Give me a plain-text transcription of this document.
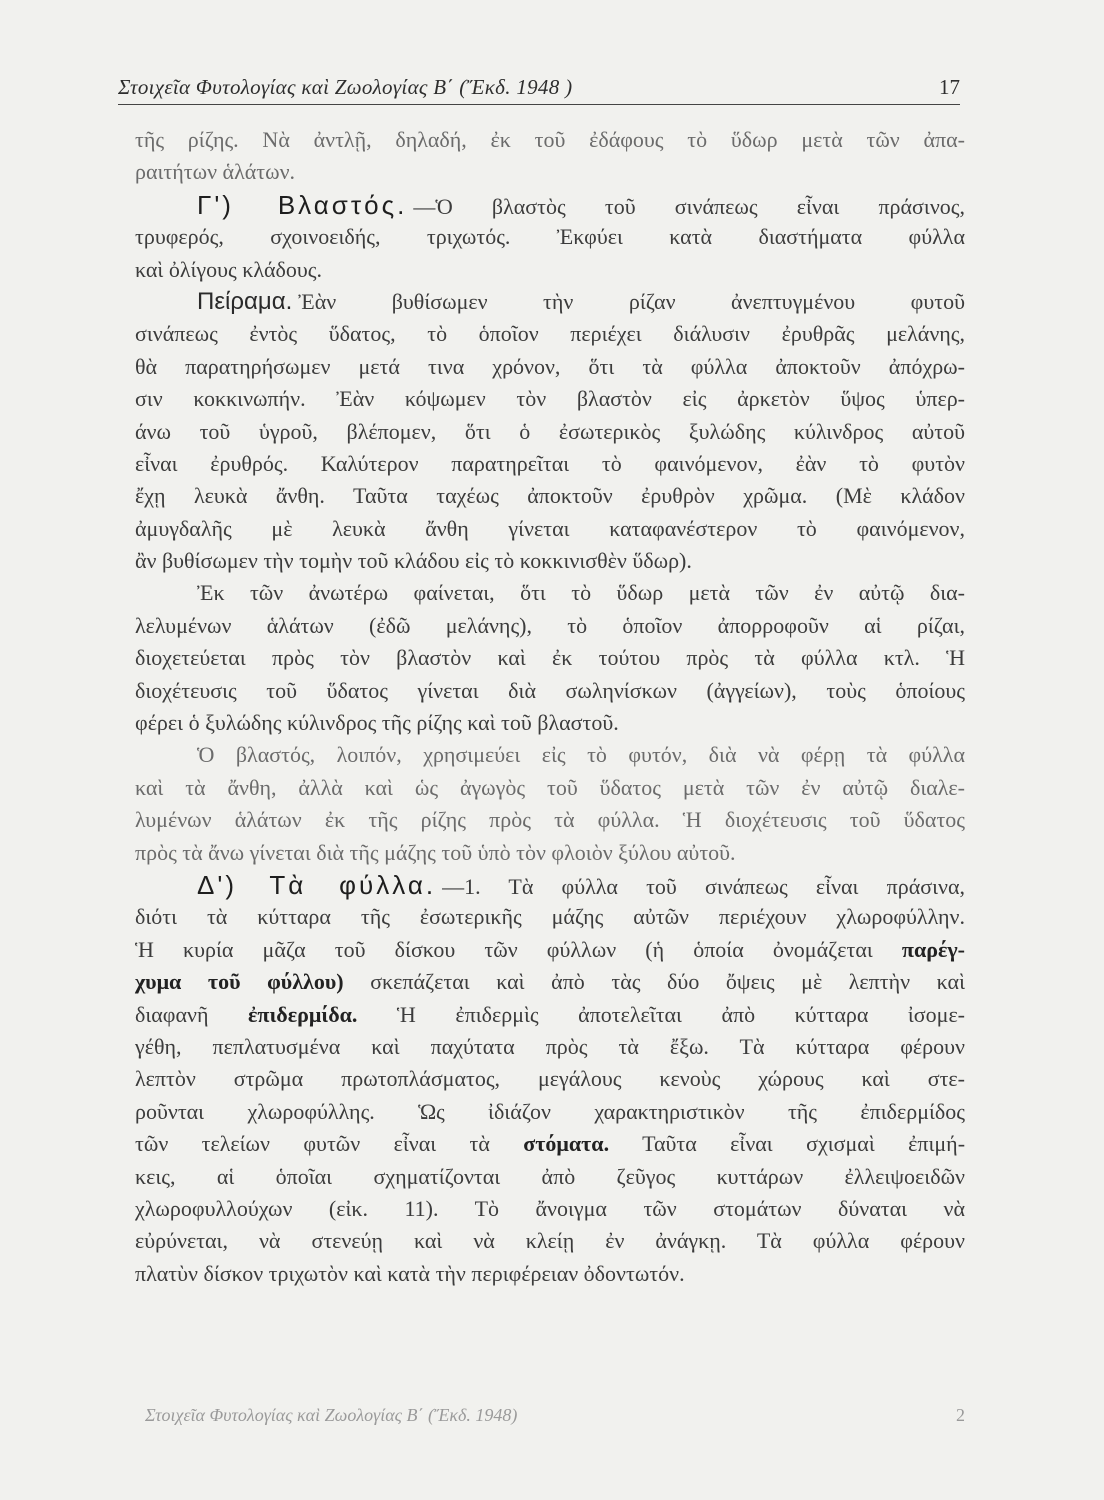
Στοιχεῖα Φυτολογίας καὶ Ζωολογίας Β΄ (Ἔκδ. 1948 )	17
τῆς ρίζης. Νὰ ἀντλῇ, δηλαδή, ἐκ τοῦ ἐδάφους τὸ ὕδωρ μετὰ τῶν ἀπα-
ραιτήτων ἁλάτων.
Γ') Βλαστός. —Ὁ βλαστὸς τοῦ σινάπεως εἶναι πράσινος,
τρυφερός, σχοινοειδής, τριχωτός. Ἐκφύει κατὰ διαστήματα φύλλα
καὶ ὀλίγους κλάδους.
Πείραμα. Ἐὰν βυθίσωμεν τὴν ρίζαν ἀνεπτυγμένου φυτοῦ
σινάπεως ἐντὸς ὕδατος, τὸ ὁποῖον περιέχει διάλυσιν ἐρυθρᾶς μελάνης,
θὰ παρατηρήσωμεν μετά τινα χρόνον, ὅτι τὰ φύλλα ἀποκτοῦν ἀπόχρω-
σιν κοκκινωπήν. Ἐὰν κόψωμεν τὸν βλαστὸν εἰς ἀρκετὸν ὕψος ὑπερ-
άνω τοῦ ὑγροῦ, βλέπομεν, ὅτι ὁ ἐσωτερικὸς ξυλώδης κύλινδρος αὐτοῦ
εἶναι ἐρυθρός. Καλύτερον παρατηρεῖται τὸ φαινόμενον, ἐὰν τὸ φυτὸν
ἔχῃ λευκὰ ἄνθη. Ταῦτα ταχέως ἀποκτοῦν ἐρυθρὸν χρῶμα. (Μὲ κλάδον
ἀμυγδαλῆς μὲ λευκὰ ἄνθη γίνεται καταφανέστερον τὸ φαινόμενον,
ἂν βυθίσωμεν τὴν τομὴν τοῦ κλάδου εἰς τὸ κοκκινισθὲν ὕδωρ).
Ἐκ τῶν ἀνωτέρω φαίνεται, ὅτι τὸ ὕδωρ μετὰ τῶν ἐν αὐτῷ δια-
λελυμένων ἁλάτων (ἐδῶ μελάνης), τὸ ὁποῖον ἀπορροφοῦν αἱ ρίζαι,
διοχετεύεται πρὸς τὸν βλαστὸν καὶ ἐκ τούτου πρὸς τὰ φύλλα κτλ. Ἡ
διοχέτευσις τοῦ ὕδατος γίνεται διὰ σωληνίσκων (ἀγγείων), τοὺς ὁποίους
φέρει ὁ ξυλώδης κύλινδρος τῆς ρίζης καὶ τοῦ βλαστοῦ.
Ὁ βλαστός, λοιπόν, χρησιμεύει εἰς τὸ φυτόν, διὰ νὰ φέρῃ τὰ φύλλα
καὶ τὰ ἄνθη, ἀλλὰ καὶ ὡς ἀγωγὸς τοῦ ὕδατος μετὰ τῶν ἐν αὐτῷ διαλε-
λυμένων ἁλάτων ἐκ τῆς ρίζης πρὸς τὰ φύλλα. Ἡ διοχέτευσις τοῦ ὕδατος
πρὸς τὰ ἄνω γίνεται διὰ τῆς μάζης τοῦ ὑπὸ τὸν φλοιὸν ξύλου αὐτοῦ.
Δ') Τὰ φύλλα. —1. Τὰ φύλλα τοῦ σινάπεως εἶναι πράσινα,
διότι τὰ κύτταρα τῆς ἐσωτερικῆς μάζης αὐτῶν περιέχουν χλωροφύλλην.
Ἡ κυρία μᾶζα τοῦ δίσκου τῶν φύλλων (ἡ ὁποία ὀνομάζεται παρέγ-
χυμα τοῦ φύλλου) σκεπάζεται καὶ ἀπὸ τὰς δύο ὄψεις μὲ λεπτὴν καὶ
διαφανῆ ἐπιδερμίδα. Ἡ ἐπιδερμὶς ἀποτελεῖται ἀπὸ κύτταρα ἰσομε-
γέθη, πεπλατυσμένα καὶ παχύτατα πρὸς τὰ ἔξω. Τὰ κύτταρα φέρουν
λεπτὸν στρῶμα πρωτοπλάσματος, μεγάλους κενοὺς χώρους καὶ στε-
ροῦνται χλωροφύλλης. Ὡς ἰδιάζον χαρακτηριστικὸν τῆς ἐπιδερμίδος
τῶν τελείων φυτῶν εἶναι τὰ στόματα. Ταῦτα εἶναι σχισμαὶ ἐπιμή-
κεις, αἱ ὁποῖαι σχηματίζονται ἀπὸ ζεῦγος κυττάρων ἐλλειψοειδῶν
χλωροφυλλούχων (εἰκ. 11). Τὸ ἄνοιγμα τῶν στομάτων δύναται νὰ
εὐρύνεται, νὰ στενεύῃ καὶ νὰ κλείῃ ἐν ἀνάγκῃ. Τὰ φύλλα φέρουν
πλατὺν δίσκον τριχωτὸν καὶ κατὰ τὴν περιφέρειαν ὀδοντωτόν.
Στοιχεῖα Φυτολογίας καὶ Ζωολογίας Β΄ (Ἔκδ. 1948)	2
